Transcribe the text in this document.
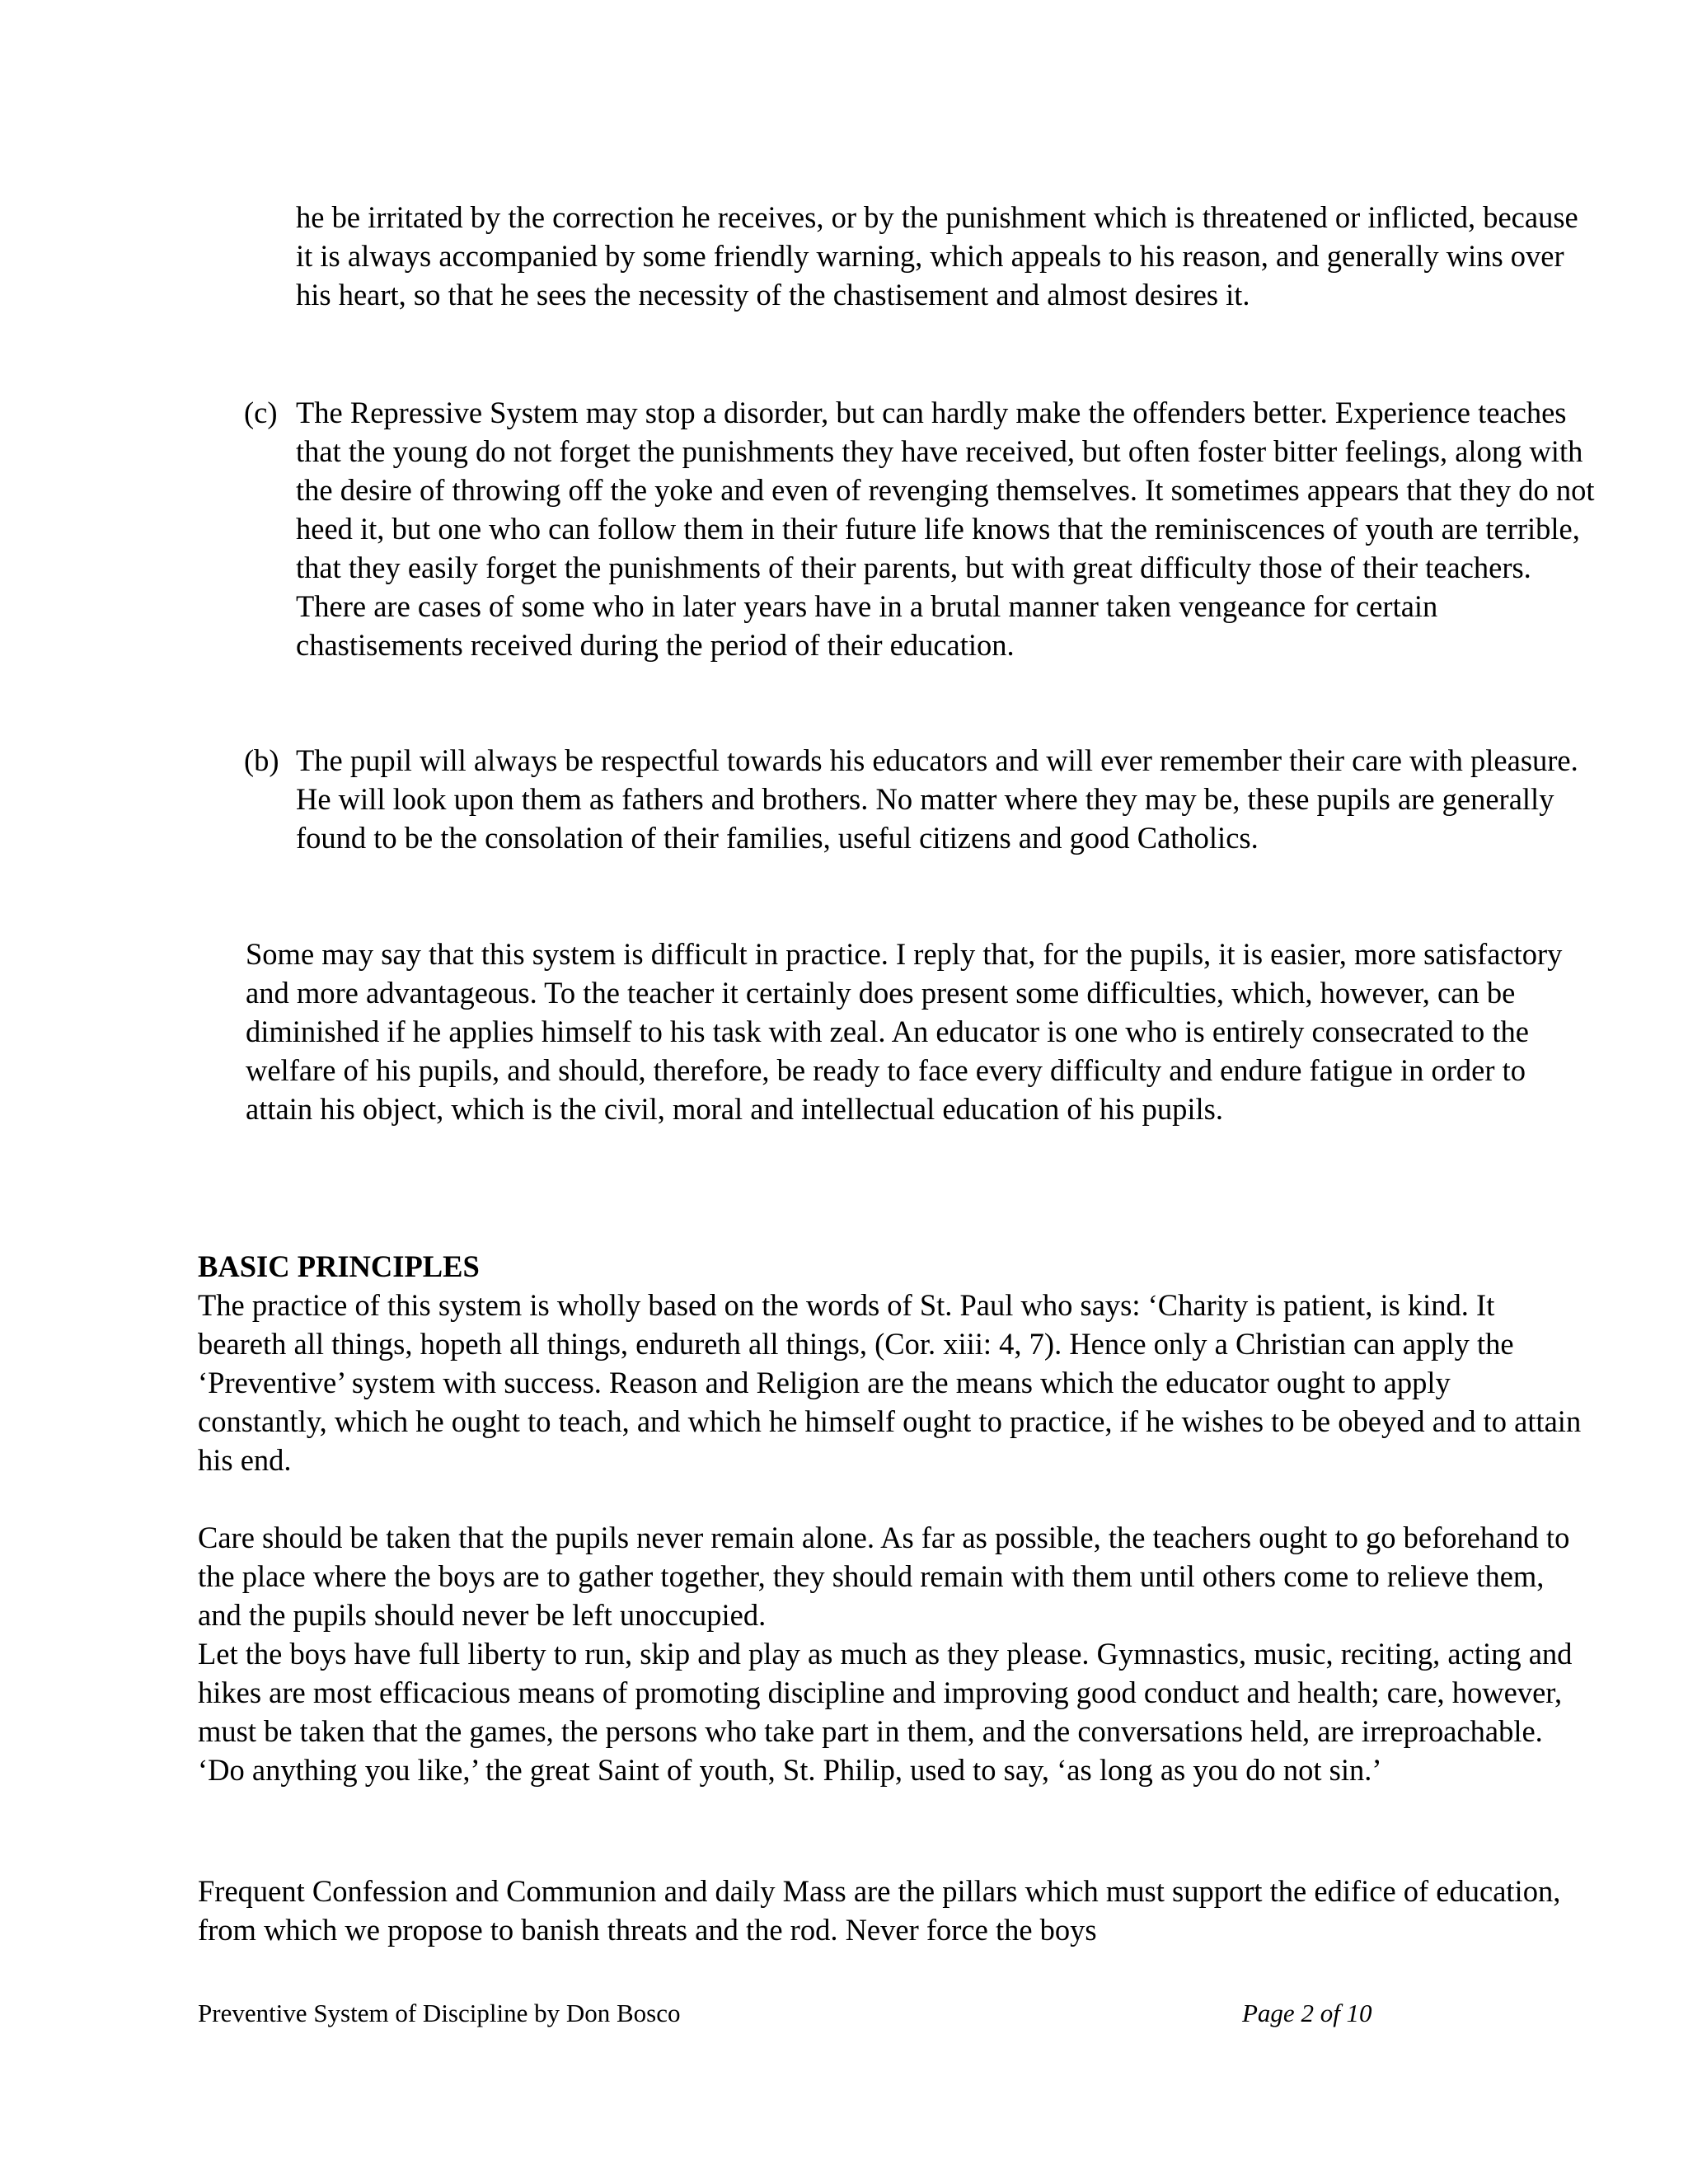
he be irritated by the correction he receives, or by the punishment which is threatened or inflicted, because it is always accompanied by some friendly warning, which appeals to his reason, and generally wins over his heart, so that he sees the necessity of the chastisement and almost desires it.

(c) The Repressive System may stop a disorder, but can hardly make the offenders better. Experience teaches that the young do not forget the punishments they have received, but often foster bitter feelings, along with the desire of throwing off the yoke and even of revenging themselves. It sometimes appears that they do not heed it, but one who can follow them in their future life knows that the reminiscences of youth are terrible, that they easily forget the punishments of their parents, but with great difficulty those of their teachers. There are cases of some who in later years have in a brutal manner taken vengeance for certain chastisements received during the period of their education.

(b) The pupil will always be respectful towards his educators and will ever remember their care with pleasure. He will look upon them as fathers and brothers. No matter where they may be, these pupils are generally found to be the consolation of their families, useful citizens and good Catholics.

Some may say that this system is difficult in practice. I reply that, for the pupils, it is easier, more satisfactory and more advantageous. To the teacher it certainly does present some difficulties, which, however, can be diminished if he applies himself to his task with zeal. An educator is one who is entirely consecrated to the welfare of his pupils, and should, therefore, be ready to face every difficulty and endure fatigue in order to attain his object, which is the civil, moral and intellectual education of his pupils.

BASIC PRINCIPLES

The practice of this system is wholly based on the words of St. Paul who says: ‘Charity is patient, is kind. It beareth all things, hopeth all things, endureth all things, (Cor. xiii: 4, 7). Hence only a Christian can apply the ‘Preventive’ system with success. Reason and Religion are the means which the educator ought to apply constantly, which he ought to teach, and which he himself ought to practice, if he wishes to be obeyed and to attain his end.

Care should be taken that the pupils never remain alone. As far as possible, the teachers ought to go beforehand to the place where the boys are to gather together, they should remain with them until others come to relieve them, and the pupils should never be left unoccupied.

Let the boys have full liberty to run, skip and play as much as they please. Gymnastics, music, reciting, acting and hikes are most efficacious means of promoting discipline and improving good conduct and health; care, however, must be taken that the games, the persons who take part in them, and the conversations held, are irreproachable. ‘Do anything you like,’ the great Saint of youth, St. Philip, used to say, ‘as long as you do not sin.’

Frequent Confession and Communion and daily Mass are the pillars which must support the edifice of education, from which we propose to banish threats and the rod. Never force the boys

Preventive System of Discipline by Don Bosco	Page 2 of 10
